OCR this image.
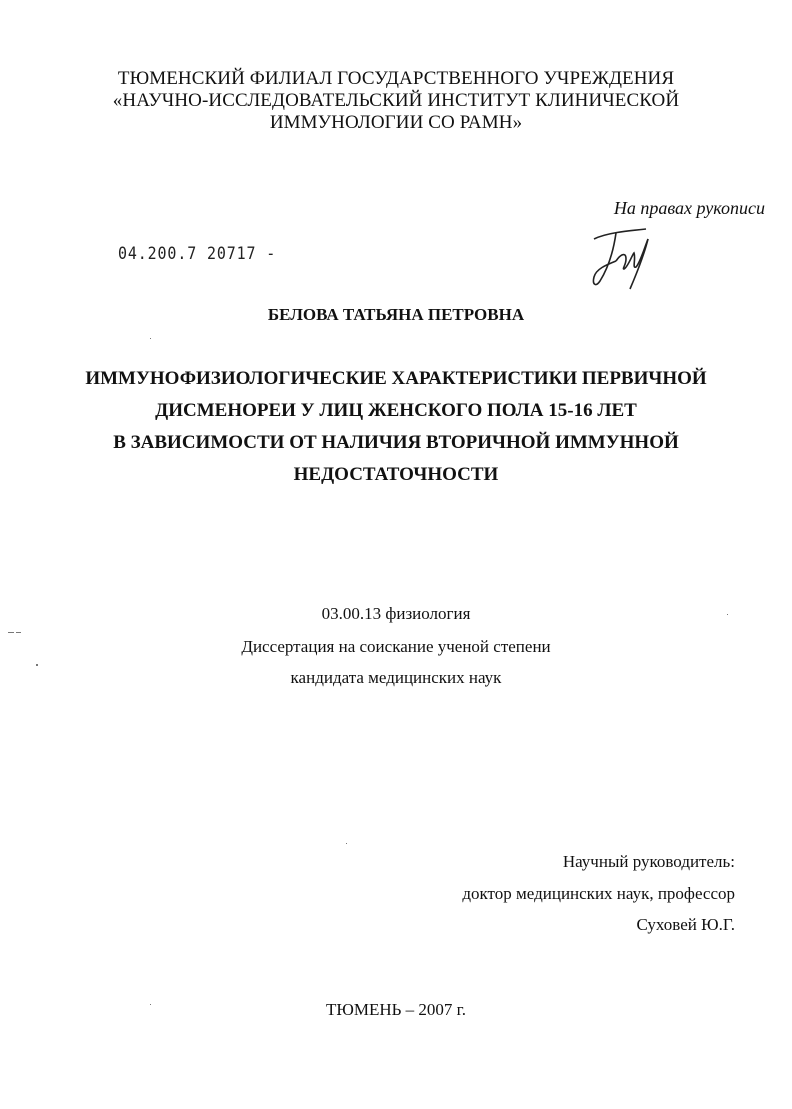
ТЮМЕНСКИЙ ФИЛИАЛ ГОСУДАРСТВЕННОГО УЧРЕЖДЕНИЯ
«НАУЧНО-ИССЛЕДОВАТЕЛЬСКИЙ ИНСТИТУТ КЛИНИЧЕСКОЙ
ИММУНОЛОГИИ СО РАМН»
На правах рукописи
04.200.7 20717 -
БЕЛОВА ТАТЬЯНА ПЕТРОВНА
ИММУНОФИЗИОЛОГИЧЕСКИЕ ХАРАКТЕРИСТИКИ ПЕРВИЧНОЙ
ДИСМЕНОРЕИ У ЛИЦ ЖЕНСКОГО ПОЛА 15-16 ЛЕТ
В ЗАВИСИМОСТИ ОТ НАЛИЧИЯ ВТОРИЧНОЙ ИММУННОЙ
НЕДОСТАТОЧНОСТИ
03.00.13 физиология
Диссертация на соискание ученой степени
кандидата медицинских наук
Научный руководитель:
доктор медицинских наук, профессор
Суховей Ю.Г.
ТЮМЕНЬ – 2007 г.
